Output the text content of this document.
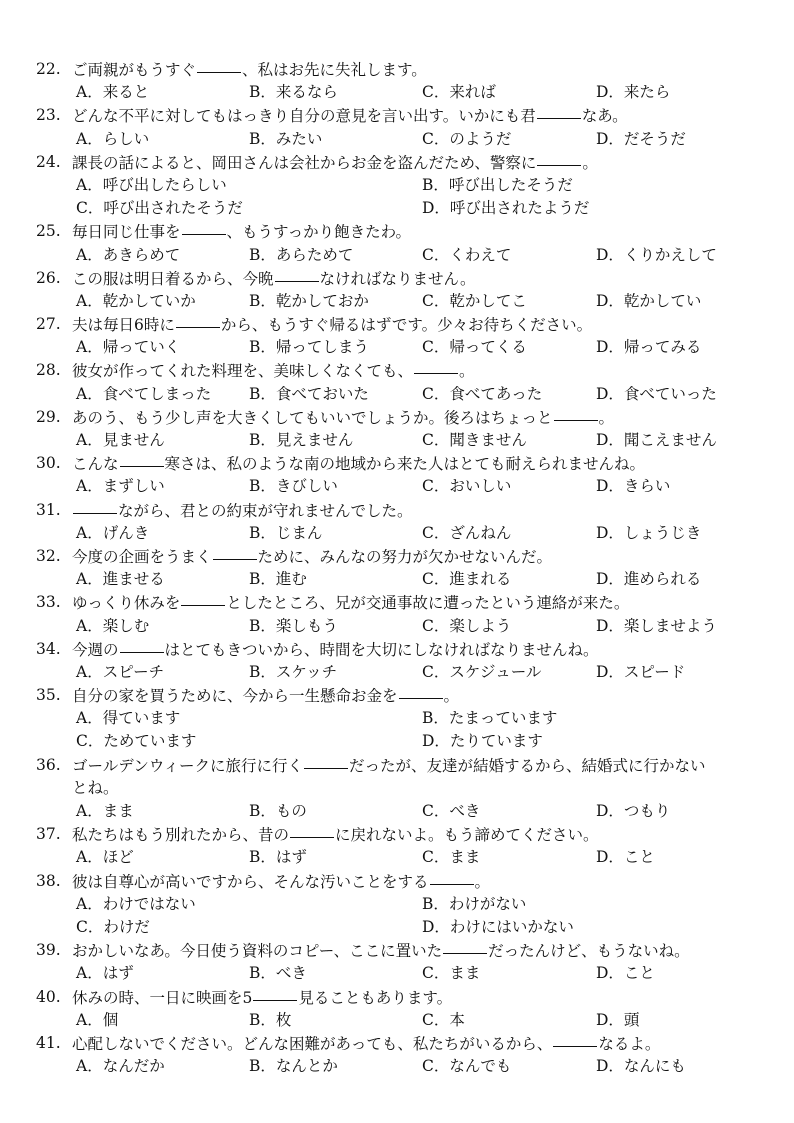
22. ご両親がもうすぐ	、私はお先に失礼します。
A．来ると	B．来るなら	C．来れば	D．来たら
23. どんな不平に対してもはっきり自分の意見を言い出す。いかにも君	なあ。
A．らしい	B．みたい	C．のようだ	D．だそうだ
24. 課長の話によると、岡田さんは会社からお金を盗んだため、警察に	。
A．呼び出したらしい	B．呼び出したそうだ
C．呼び出されたそうだ	D．呼び出されたようだ
25. 毎日同じ仕事を	、もうすっかり飽きたわ。
A．あきらめて	B．あらためて	C．くわえて	D．くりかえして
26. この服は明日着るから、今晩	なければなりません。
A．乾かしていか	B．乾かしておか	C．乾かしてこ	D．乾かしてい
27. 夫は毎日6時に	から、もうすぐ帰るはずです。少々お待ちください。
A．帰っていく	B．帰ってしまう	C．帰ってくる	D．帰ってみる
28. 彼女が作ってくれた料理を、美味しくなくても、	。
A．食べてしまった B．食べておいた	C．食べてあった	D．食べていった
29. あのう、もう少し声を大きくしてもいいでしょうか。後ろはちょっと	。
A．見ません	B．見えません	C．聞きません	D．聞こえません
30. こんな	寒さは、私のような南の地域から来た人はとても耐えられませんね。
A．まずしい	B．きびしい	C．おいしい	D．きらい
31.	ながら、君との約束が守れませんでした。
A．げんき	B．じまん	C．ざんねん	D．しょうじき
32. 今度の企画をうまく	ために、みんなの努力が欠かせないんだ。
A．進ませる	B．進む	C．進まれる	D．進められる
33. ゆっくり休みを	としたところ、兄が交通事故に遭ったという連絡が来た。
A．楽しむ	B．楽しもう	C．楽しよう	D．楽しませよう
34. 今週の	はとてもきついから、時間を大切にしなければなりませんね。
A．スピーチ	B．スケッチ	C．スケジュール	D．スピード
35. 自分の家を買うために、今から一生懸命お金を	。
A．得ています	B．たまっています
C．ためています	D．たりています
36. ゴールデンウィークに旅行に行く	だったが、友達が結婚するから、結婚式に行かない
とね。
A．まま	B．もの	C．べき	D．つもり
37. 私たちはもう別れたから、昔の	に戻れないよ。もう諦めてください。
A．ほど	B．はず	C．まま	D．こと
38. 彼は自尊心が高いですから、そんな汚いことをする	。
A．わけではない	B．わけがない
C．わけだ	D．わけにはいかない
39. おかしいなあ。今日使う資料のコピー、ここに置いた	だったんけど、もうないね。
A．はず	B．べき	C．まま	D．こと
40. 休みの時、一日に映画を5	見ることもあります。
A．個	B．枚	C．本	D．頭
41. 心配しないでください。どんな困難があっても、私たちがいるから、	なるよ。
A．なんだか	B．なんとか	C．なんでも	D．なんにも
